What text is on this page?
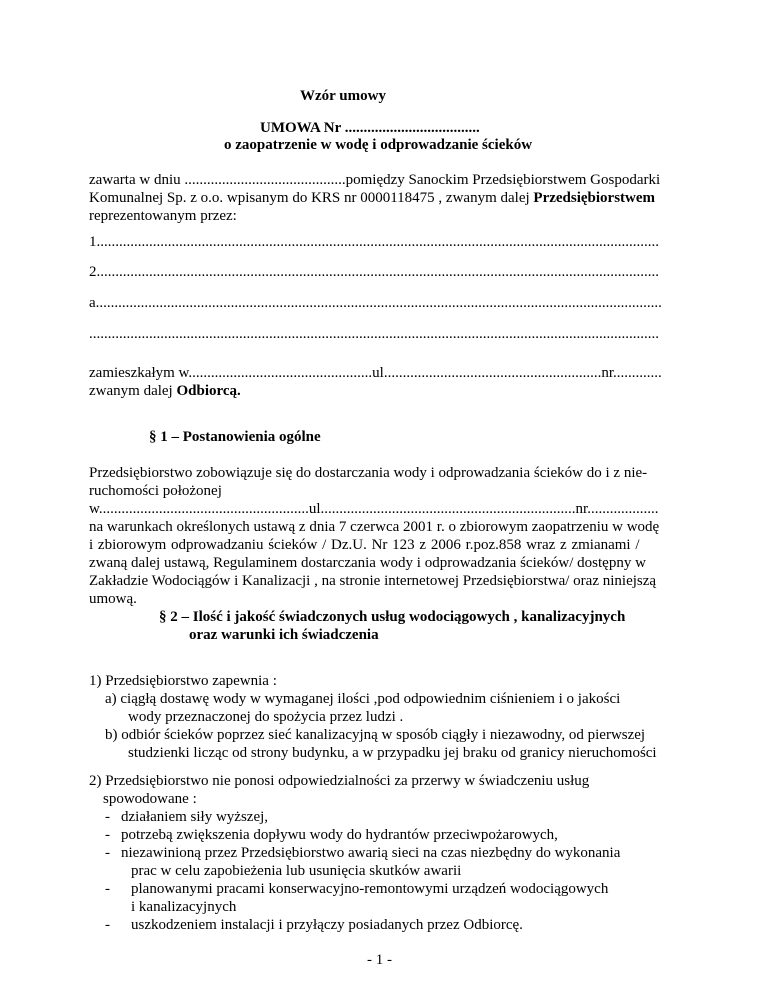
Wzór umowy
UMOWA Nr ....................................
o zaopatrzenie w wodę i odprowadzanie ścieków
zawarta w dniu ...........................................pomiędzy Sanockim Przedsiębiorstwem Gospodarki
Komunalnej Sp. z o.o. wpisanym do KRS nr 0000118475 , zwanym dalej Przedsiębiorstwem
reprezentowanym przez:
1......................................................................................................................................................
2......................................................................................................................................................
a.......................................................................................................................................................
........................................................................................................................................................
zamieszkałym w.................................................ul..........................................................nr.............
zwanym dalej Odbiorcą.
§ 1 – Postanowienia ogólne
Przedsiębiorstwo zobowiązuje się do dostarczania wody i odprowadzania ścieków do i z nie-
ruchomości położonej
w........................................................ul....................................................................nr...................
na warunkach określonych ustawą z dnia 7 czerwca 2001 r. o zbiorowym zaopatrzeniu w wodę
i zbiorowym odprowadzaniu ścieków / Dz.U. Nr 123 z 2006 r.poz.858 wraz z zmianami /
zwaną dalej ustawą, Regulaminem dostarczania wody i odprowadzania ścieków/ dostępny w
Zakładzie Wodociągów i Kanalizacji , na stronie internetowej Przedsiębiorstwa/ oraz niniejszą
umową.
§ 2 – Ilość i jakość świadczonych usług wodociągowych , kanalizacyjnych
oraz warunki ich świadczenia
1) Przedsiębiorstwo zapewnia :
a) ciągłą dostawę wody w wymaganej ilości ,pod odpowiednim ciśnieniem i o jakości
wody przeznaczonej do spożycia przez ludzi .
b) odbiór ścieków poprzez sieć kanalizacyjną w sposób ciągły i niezawodny, od pierwszej
studzienki licząc od strony budynku, a w przypadku jej braku od granicy nieruchomości
2) Przedsiębiorstwo nie ponosi odpowiedzialności za przerwy w świadczeniu usług
spowodowane :
- działaniem siły wyższej,
- potrzebą zwiększenia dopływu wody do hydrantów przeciwpożarowych,
- niezawinioną przez Przedsiębiorstwo awarią sieci na czas niezbędny do wykonania
prac w celu zapobieżenia lub usunięcia skutków awarii
- planowanymi pracami konserwacyjno-remontowymi urządzeń wodociągowych
i kanalizacyjnych
- uszkodzeniem instalacji i przyłączy posiadanych przez Odbiorcę.
- 1 -
